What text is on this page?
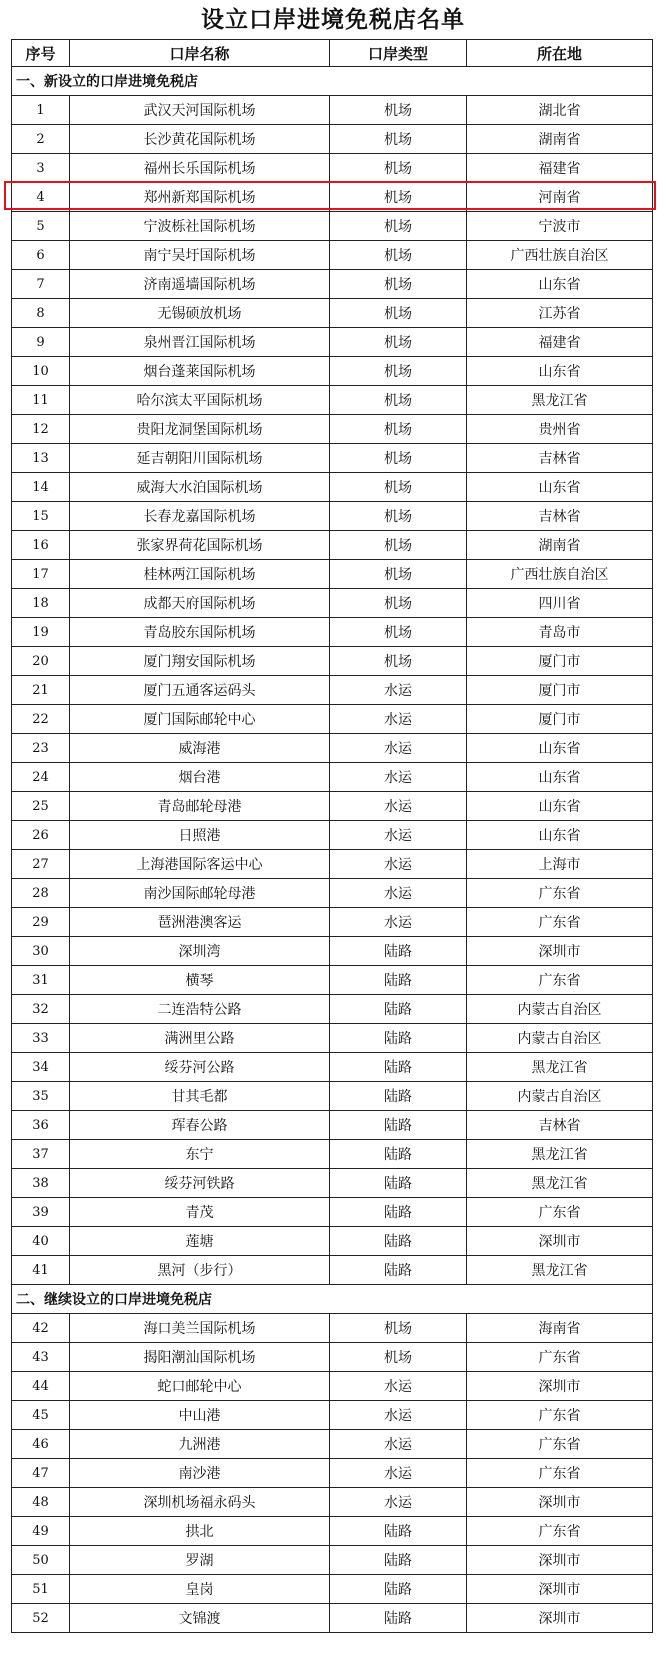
设立口岸进境免税店名单
序号	口岸名称	口岸类型	所在地
一、新设立的口岸进境免税店			
1	武汉天河国际机场	机场	湖北省
2	长沙黄花国际机场	机场	湖南省
3	福州长乐国际机场	机场	福建省
4	郑州新郑国际机场	机场	河南省
5	宁波栎社国际机场	机场	宁波市
6	南宁吴圩国际机场	机场	广西壮族自治区
7	济南遥墙国际机场	机场	山东省
8	无锡硕放机场	机场	江苏省
9	泉州晋江国际机场	机场	福建省
10	烟台蓬莱国际机场	机场	山东省
11	哈尔滨太平国际机场	机场	黑龙江省
12	贵阳龙洞堡国际机场	机场	贵州省
13	延吉朝阳川国际机场	机场	吉林省
14	威海大水泊国际机场	机场	山东省
15	长春龙嘉国际机场	机场	吉林省
16	张家界荷花国际机场	机场	湖南省
17	桂林两江国际机场	机场	广西壮族自治区
18	成都天府国际机场	机场	四川省
19	青岛胶东国际机场	机场	青岛市
20	厦门翔安国际机场	机场	厦门市
21	厦门五通客运码头	水运	厦门市
22	厦门国际邮轮中心	水运	厦门市
23	威海港	水运	山东省
24	烟台港	水运	山东省
25	青岛邮轮母港	水运	山东省
26	日照港	水运	山东省
27	上海港国际客运中心	水运	上海市
28	南沙国际邮轮母港	水运	广东省
29	琶洲港澳客运	水运	广东省
30	深圳湾	陆路	深圳市
31	横琴	陆路	广东省
32	二连浩特公路	陆路	内蒙古自治区
33	满洲里公路	陆路	内蒙古自治区
34	绥芬河公路	陆路	黑龙江省
35	甘其毛都	陆路	内蒙古自治区
36	珲春公路	陆路	吉林省
37	东宁	陆路	黑龙江省
38	绥芬河铁路	陆路	黑龙江省
39	青茂	陆路	广东省
40	莲塘	陆路	深圳市
41	黑河（步行）	陆路	黑龙江省
二、继续设立的口岸进境免税店			
42	海口美兰国际机场	机场	海南省
43	揭阳潮汕国际机场	机场	广东省
44	蛇口邮轮中心	水运	深圳市
45	中山港	水运	广东省
46	九洲港	水运	广东省
47	南沙港	水运	广东省
48	深圳机场福永码头	水运	深圳市
49	拱北	陆路	广东省
50	罗湖	陆路	深圳市
51	皇岗	陆路	深圳市
52	文锦渡	陆路	深圳市
